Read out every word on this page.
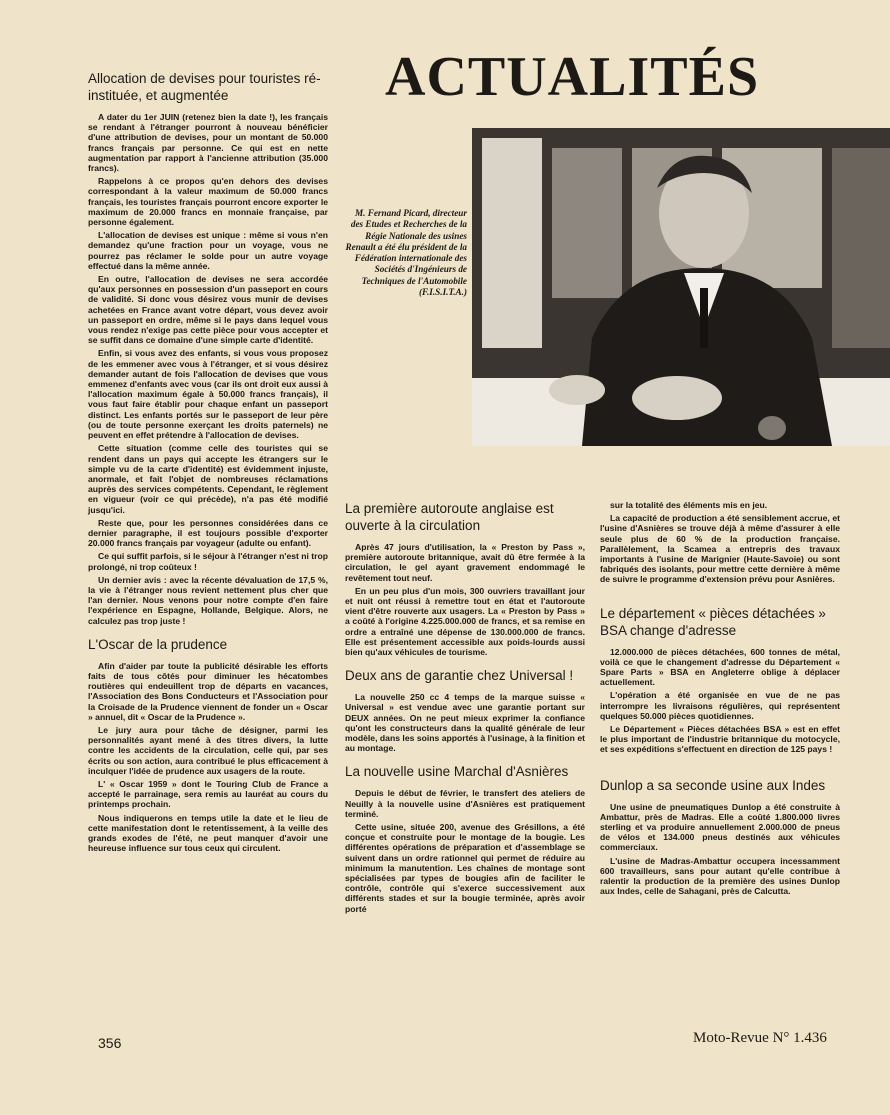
ACTUALITÉS
Allocation de devises pour touristes ré-instituée, et augmentée

A dater du 1er JUIN (retenez bien la date !), les français se rendant à l'étranger pourront à nouveau bénéficier d'une attribution de devises, pour un montant de 50.000 francs français par personne. Ce qui est en nette augmentation par rapport à l'ancienne attribution (35.000 francs).

Rappelons à ce propos qu'en dehors des devises correspondant à la valeur maximum de 50.000 francs français, les touristes français pourront encore exporter le maximum de 20.000 francs en monnaie française, par personne également.

L'allocation de devises est unique : même si vous n'en demandez qu'une fraction pour un voyage, vous ne pourrez pas réclamer le solde pour un autre voyage effectué dans la même année.

En outre, l'allocation de devises ne sera accordée qu'aux personnes en possession d'un passeport en cours de validité. Si donc vous désirez vous munir de devises achetées en France avant votre départ, vous devez avoir un passeport en ordre, même si le pays dans lequel vous vous rendez n'exige pas cette pièce pour vous accepter et se suffit dans ce domaine d'une simple carte d'identité.

Enfin, si vous avez des enfants, si vous vous proposez de les emmener avec vous à l'étranger, et si vous désirez demander autant de fois l'allocation de devises que vous emmenez d'enfants avec vous (car ils ont droit eux aussi à l'allocation maximum égale à 50.000 francs français), il vous faut faire établir pour chaque enfant un passeport distinct. Les enfants portés sur le passeport de leur père (ou de toute personne exerçant les droits paternels) ne peuvent en effet prétendre à l'allocation de devises.

Cette situation (comme celle des touristes qui se rendent dans un pays qui accepte les étrangers sur le simple vu de la carte d'identité) est évidemment injuste, anormale, et fait l'objet de nombreuses réclamations auprès des services compétents. Cependant, le règlement en vigueur (voir ce qui précède), n'a pas été modifié jusqu'ici.

Reste que, pour les personnes considérées dans ce dernier paragraphe, il est toujours possible d'exporter 20.000 francs français par voyageur (adulte ou enfant).

Ce qui suffit parfois, si le séjour à l'étranger n'est ni trop prolongé, ni trop coûteux !

Un dernier avis : avec la récente dévaluation de 17,5 %, la vie à l'étranger nous revient nettement plus cher que l'an dernier. Nous venons pour notre compte d'en faire l'expérience en Espagne, Hollande, Belgique. Alors, ne calculez pas trop juste !

L'Oscar de la prudence

Afin d'aider par toute la publicité désirable les efforts faits de tous côtés pour diminuer les hécatombes routières qui endeuillent trop de départs en vacances, l'Association des Bons Conducteurs et l'Association pour la Croisade de la Prudence viennent de fonder un « Oscar » annuel, dit « Oscar de la Prudence ».

Le jury aura pour tâche de désigner, parmi les personnalités ayant mené à des titres divers, la lutte contre les accidents de la circulation, celle qui, par ses écrits ou son action, aura contribué le plus efficacement à inculquer l'idée de prudence aux usagers de la route.

L' « Oscar 1959 » dont le Touring Club de France a accepté le parrainage, sera remis au lauréat au cours du printemps prochain.

Nous indiquerons en temps utile la date et le lieu de cette manifestation dont le retentissement, à la veille des grands exodes de l'été, ne peut manquer d'avoir une heureuse influence sur tous ceux qui circulent.

M. Fernand Picard, directeur des Etudes et Recherches de la Régie Nationale des usines Renault a été élu président de la Fédération internationale des Sociétés d'Ingénieurs de Techniques de l'Automobile (F.I.S.I.T.A.)
La première autoroute anglaise est ouverte à la circulation

Après 47 jours d'utilisation, la « Preston by Pass », première autoroute britannique, avait dû être fermée à la circulation, le gel ayant gravement endommagé le revêtement tout neuf.

En un peu plus d'un mois, 300 ouvriers travaillant jour et nuit ont réussi à remettre tout en état et l'autoroute vient d'être rouverte aux usagers. La « Preston by Pass » a coûté à l'origine 4.225.000.000 de francs, et sa remise en ordre a entraîné une dépense de 130.000.000 de francs. Elle est présentement accessible aux poids-lourds aussi bien qu'aux véhicules de tourisme.

Deux ans de garantie chez Universal !

La nouvelle 250 cc 4 temps de la marque suisse « Universal » est vendue avec une garantie portant sur DEUX années. On ne peut mieux exprimer la confiance qu'ont les constructeurs dans la qualité générale de leur modèle, dans les soins apportés à l'usinage, à la finition et au montage.

La nouvelle usine Marchal d'Asnières

Depuis le début de février, le transfert des ateliers de Neuilly à la nouvelle usine d'Asnières est pratiquement terminé.

Cette usine, située 200, avenue des Grésillons, a été conçue et construite pour le montage de la bougie. Les différentes opérations de préparation et d'assemblage se suivent dans un ordre rationnel qui permet de réduire au minimum la manutention. Les chaînes de montage sont spécialisées par types de bougies afin de faciliter le contrôle, contrôle qui s'exerce successivement aux différents stades et sur la bougie terminée, après avoir porté

sur la totalité des éléments mis en jeu.

La capacité de production a été sensiblement accrue, et l'usine d'Asnières se trouve déjà à même d'assurer à elle seule plus de 60 % de la production française. Parallèlement, la Scamea a entrepris des travaux importants à l'usine de Marignier (Haute-Savoie) ou sont fabriqués des isolants, pour mettre cette dernière à même de suivre le programme d'extension prévu pour Asnières.

Le département « pièces détachées » BSA change d'adresse

12.000.000 de pièces détachées, 600 tonnes de métal, voilà ce que le changement d'adresse du Département « Spare Parts » BSA en Angleterre oblige à déplacer actuellement.

L'opération a été organisée en vue de ne pas interrompre les livraisons régulières, qui représentent quelques 50.000 pièces quotidiennes.

Le Département « Pièces détachées BSA » est en effet le plus important de l'industrie britannique du motocycle, et ses expéditions s'effectuent en direction de 125 pays !

Dunlop a sa seconde usine aux Indes

Une usine de pneumatiques Dunlop a été construite à Ambattur, près de Madras. Elle a coûté 1.800.000 livres sterling et va produire annuellement 2.000.000 de pneus de vélos et 134.000 pneus destinés aux véhicules commerciaux.

L'usine de Madras-Ambattur occupera incessamment 600 travailleurs, sans pour autant qu'elle contribue à ralentir la production de la première des usines Dunlop aux Indes, celle de Sahagani, près de Calcutta.

356	Moto-Revue N° 1.436
